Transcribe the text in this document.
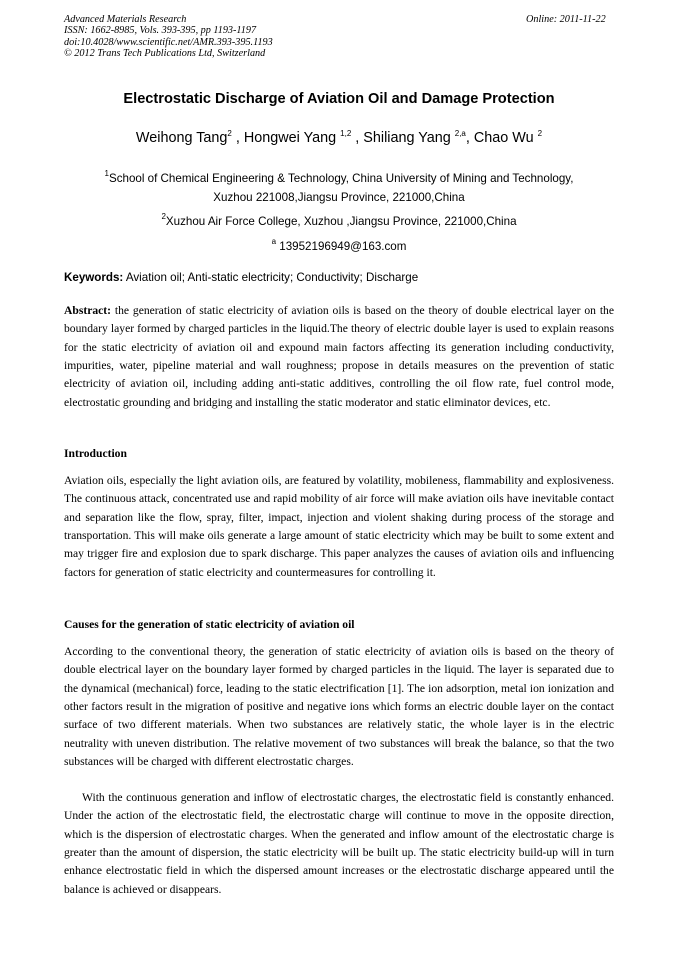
Advanced Materials Research
ISSN: 1662-8985, Vols. 393-395, pp 1193-1197
doi:10.4028/www.scientific.net/AMR.393-395.1193
© 2012 Trans Tech Publications Ltd, Switzerland
Online: 2011-11-22
Electrostatic Discharge of Aviation Oil and Damage Protection
Weihong Tang$^2$ , Hongwei Yang $^{1,2}$ , Shiliang Yang $^{2,a}$, Chao Wu $^2$
$^1$School of Chemical Engineering & Technology, China University of Mining and Technology,
Xuzhou 221008,Jiangsu Province, 221000,China
$^2$Xuzhou Air Force College, Xuzhou ,Jiangsu Province, 221000,China
$^a$ 13952196949@163.com
Keywords: Aviation oil; Anti-static electricity; Conductivity; Discharge

Abstract: the generation of static electricity of aviation oils is based on the theory of double electrical layer on the boundary layer formed by charged particles in the liquid.The theory of electric double layer is used to explain reasons for the static electricity of aviation oil and expound main factors affecting its generation including conductivity, impurities, water, pipeline material and wall roughness; propose in details measures on the prevention of static electricity of aviation oil, including adding anti-static additives, controlling the oil flow rate, fuel control mode, electrostatic grounding and bridging and installing the static moderator and static eliminator devices, etc.

Introduction

Aviation oils, especially the light aviation oils, are featured by volatility, mobileness, flammability and explosiveness. The continuous attack, concentrated use and rapid mobility of air force will make aviation oils have inevitable contact and separation like the flow, spray, filter, impact, injection and violent shaking during process of the storage and transportation. This will make oils generate a large amount of static electricity which may be built to some extent and may trigger fire and explosion due to spark discharge. This paper analyzes the causes of aviation oils and influencing factors for generation of static electricity and countermeasures for controlling it.

Causes for the generation of static electricity of aviation oil

According to the conventional theory, the generation of static electricity of aviation oils is based on the theory of double electrical layer on the boundary layer formed by charged particles in the liquid. The layer is separated due to the dynamical (mechanical) force, leading to the static electrification [1]. The ion adsorption, metal ion ionization and other factors result in the migration of positive and negative ions which forms an electric double layer on the contact surface of two different materials. When two substances are relatively static, the whole layer is in the electric neutrality with uneven distribution. The relative movement of two substances will break the balance, so that the two substances will be charged with different electrostatic charges.

With the continuous generation and inflow of electrostatic charges, the electrostatic field is constantly enhanced. Under the action of the electrostatic field, the electrostatic charge will continue to move in the opposite direction, which is the dispersion of electrostatic charges. When the generated and inflow amount of the electrostatic charge is greater than the amount of dispersion, the static electricity will be built up. The static electricity build-up will in turn enhance electrostatic field in which the dispersed amount increases or the electrostatic discharge appeared until the balance is achieved or disappears.
